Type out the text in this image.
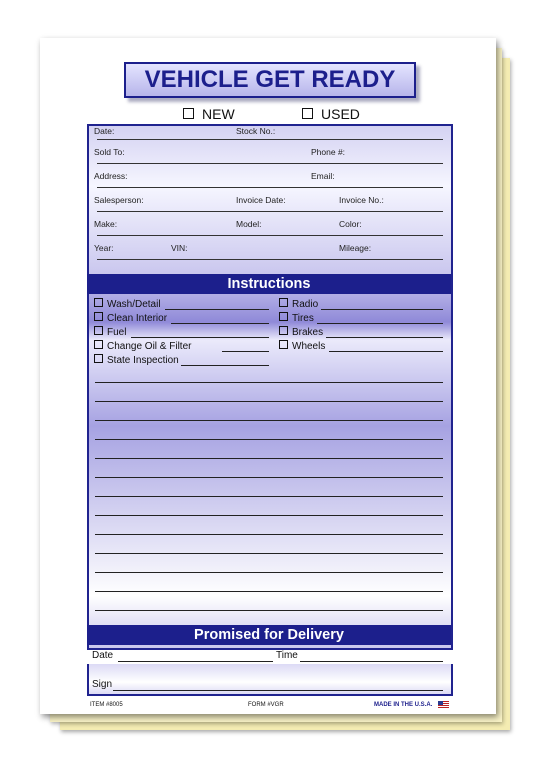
VEHICLE GET READY
NEW	USED
Date:	Stock No.:
Sold To:	Phone #:
Address:	Email:
Salesperson:	Invoice Date:	Invoice No.:
Make:	Model:	Color:
Year:	VIN:	Mileage:
Wash/Detail
Clean Interior
Fuel
Change Oil & Filter
State Inspection
Radio
Tires
Brakes
Wheels
Instructions
Promised for Delivery
Date	Time
Sign
ITEM #8005	FORM #VGR	MADE IN THE U.S.A.
